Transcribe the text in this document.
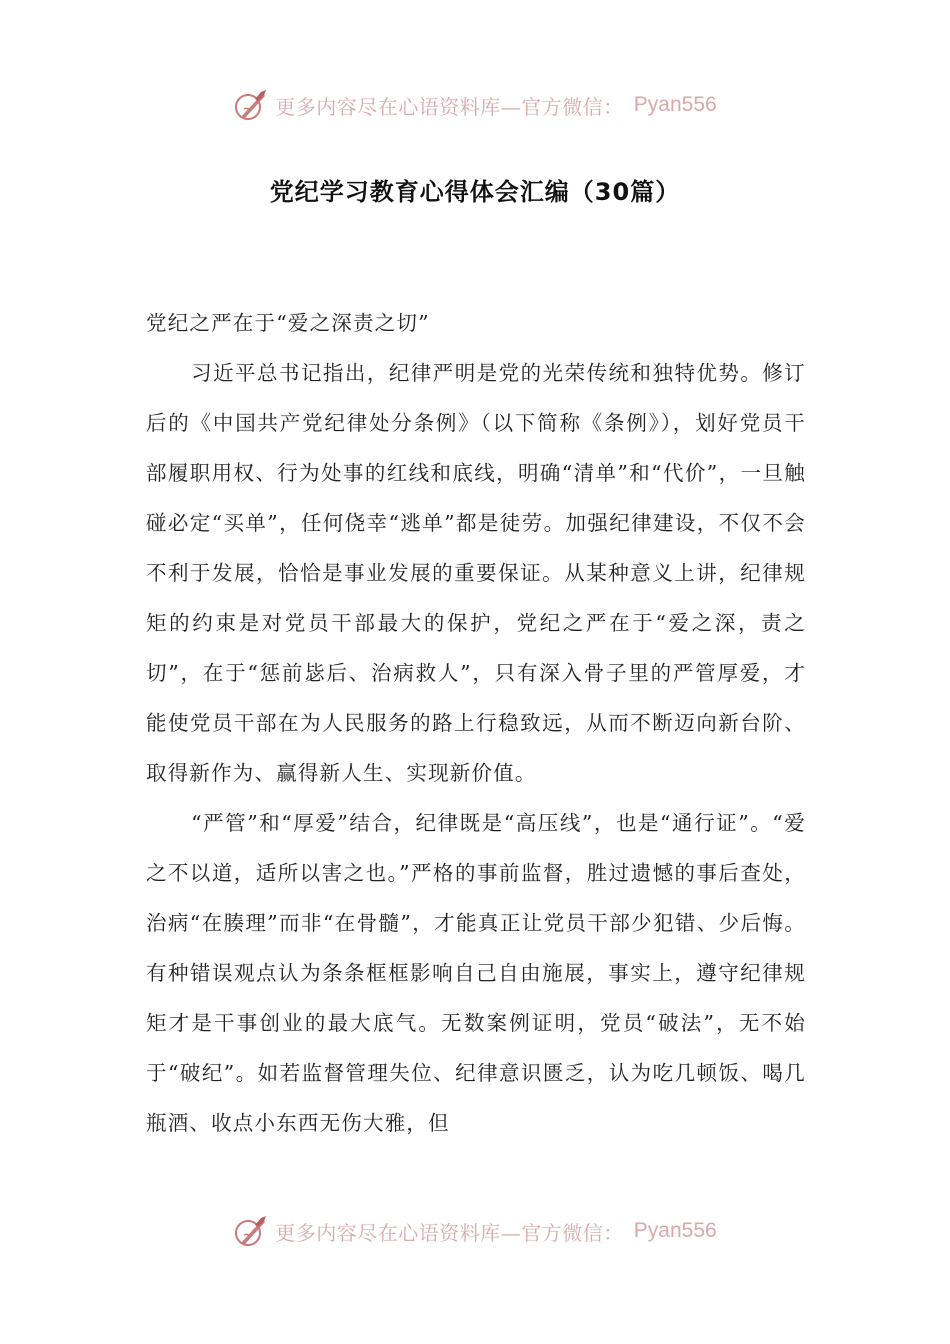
更多内容尽在心语资料库—官方微信： Pyan556
党纪学习教育心得体会汇编（30篇）

党纪之严在于“爱之深责之切”

习近平总书记指出，纪律严明是党的光荣传统和独特优势。修订后的《中国共产党纪律处分条例》（以下简称《条例》），划好党员干部履职用权、行为处事的红线和底线，明确“清单”和“代价”，一旦触碰必定“买单”，任何侥幸“逃单”都是徒劳。加强纪律建设，不仅不会不利于发展，恰恰是事业发展的重要保证。从某种意义上讲，纪律规矩的约束是对党员干部最大的保护，党纪之严在于“爱之深，责之切”，在于“惩前毖后、治病救人”，只有深入骨子里的严管厚爱，才能使党员干部在为人民服务的路上行稳致远，从而不断迈向新台阶、取得新作为、赢得新人生、实现新价值。

“严管”和“厚爱”结合，纪律既是“高压线”，也是“通行证”。“爱之不以道，适所以害之也。”严格的事前监督，胜过遗憾的事后查处，治病“在腠理”而非“在骨髓”，才能真正让党员干部少犯错、少后悔。有种错误观点认为条条框框影响自己自由施展，事实上，遵守纪律规矩才是干事创业的最大底气。无数案例证明，党员“破法”，无不始于“破纪”。如若监督管理失位、纪律意识匮乏，认为吃几顿饭、喝几瓶酒、收点小东西无伤大雅，但

更多内容尽在心语资料库—官方微信： Pyan556
